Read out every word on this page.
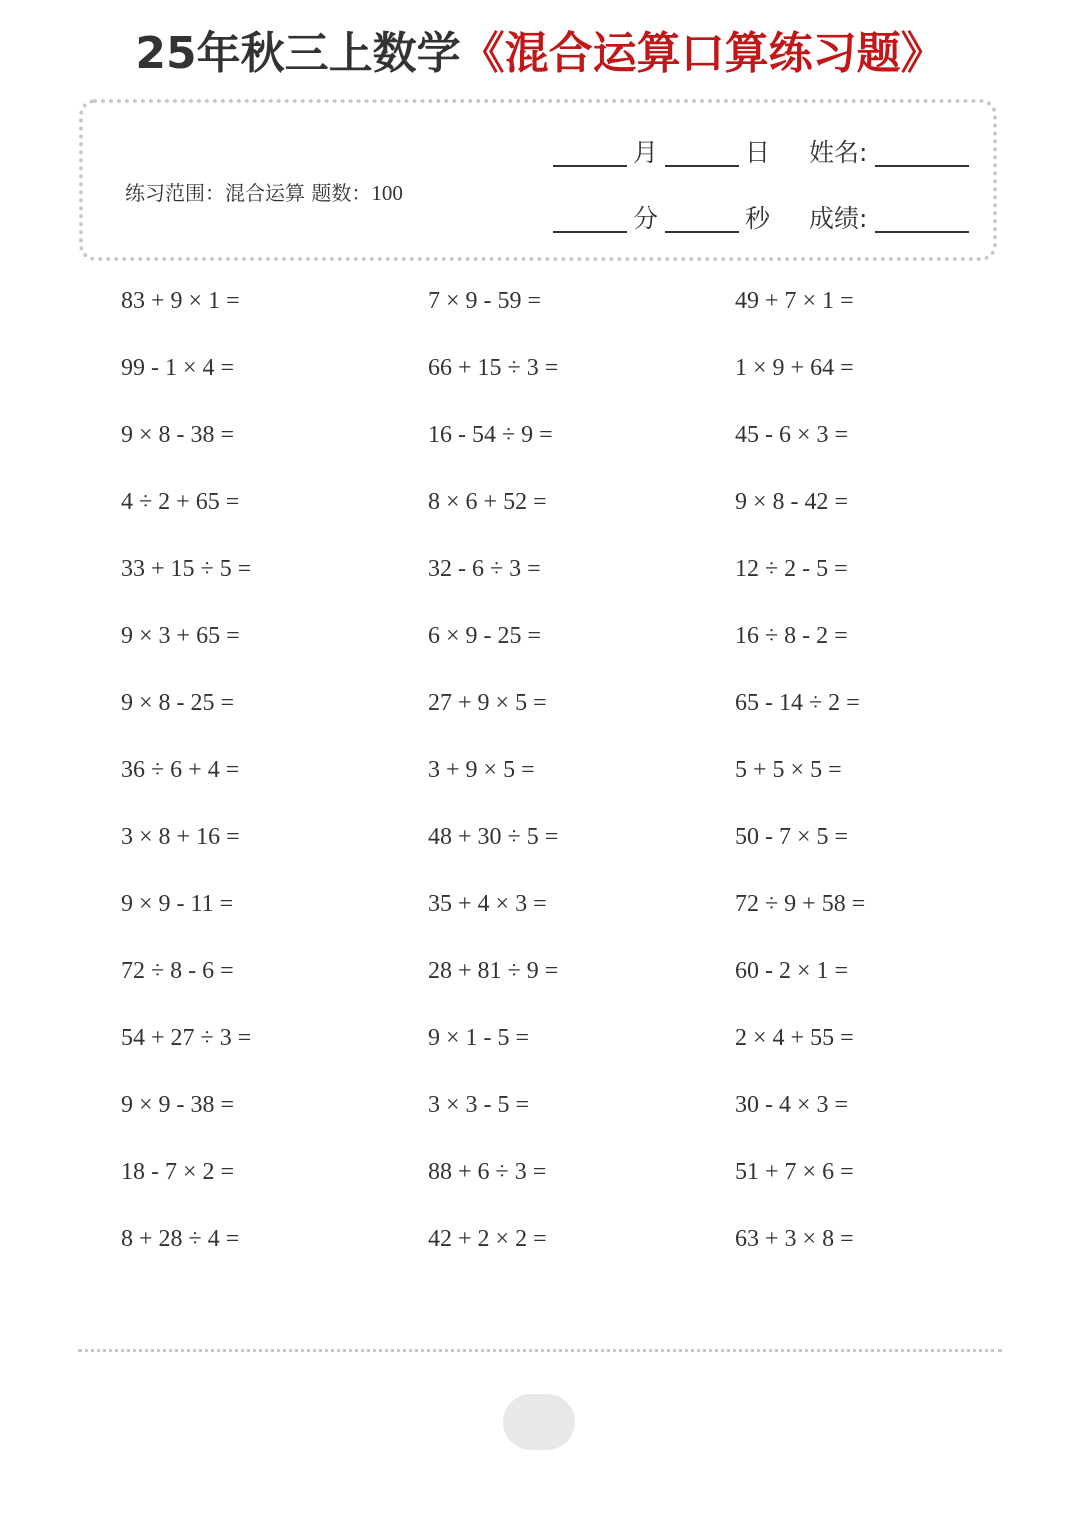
25年秋三上数学《混合运算口算练习题》
练习范围：混合运算 题数：100
月	日 姓名:
分	秒 成绩:
83 + 9 × 1 =
99 - 1 × 4 =
9 × 8 - 38 =
4 ÷ 2 + 65 =
33 + 15 ÷ 5 =
9 × 3 + 65 =
9 × 8 - 25 =
36 ÷ 6 + 4 =
3 × 8 + 16 =
9 × 9 - 11 =
72 ÷ 8 - 6 =
54 + 27 ÷ 3 =
9 × 9 - 38 =
18 - 7 × 2 =
8 + 28 ÷ 4 =
7 × 9 - 59 =
66 + 15 ÷ 3 =
16 - 54 ÷ 9 =
8 × 6 + 52 =
32 - 6 ÷ 3 =
6 × 9 - 25 =
27 + 9 × 5 =
3 + 9 × 5 =
48 + 30 ÷ 5 =
35 + 4 × 3 =
28 + 81 ÷ 9 =
9 × 1 - 5 =
3 × 3 - 5 =
88 + 6 ÷ 3 =
42 + 2 × 2 =
49 + 7 × 1 =
1 × 9 + 64 =
45 - 6 × 3 =
9 × 8 - 42 =
12 ÷ 2 - 5 =
16 ÷ 8 - 2 =
65 - 14 ÷ 2 =
5 + 5 × 5 =
50 - 7 × 5 =
72 ÷ 9 + 58 =
60 - 2 × 1 =
2 × 4 + 55 =
30 - 4 × 3 =
51 + 7 × 6 =
63 + 3 × 8 =
